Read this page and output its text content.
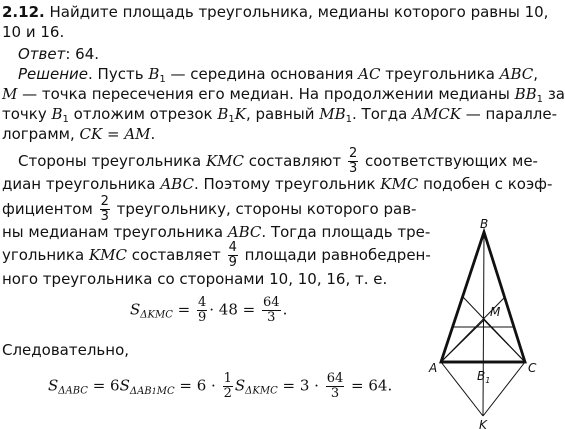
2.12. Найдите площадь треугольника, медианы которого равны 10,
10 и 16.
Ответ: 64.
Решение. Пусть $B_1$ — середина основания AC треугольника ABC,
M — точка пересечения его медиан. На продолжении медианы $BB_1$ за
точку $B_1$ отложим отрезок $B_1K$, равный $MB_1$. Тогда AMCK — паралле-
лограмм, CK = AM.
Стороны треугольника KMC составляют $\frac{2}{3}$ соответствующих ме-
диан треугольника ABC. Поэтому треугольник KMC подобен с коэф-
фициентом $\frac{2}{3}$ треугольнику, стороны которого рав-
ны медианам треугольника ABC. Тогда площадь тре-
угольника KMC составляет $\frac{4}{9}$ площади равнобедрен-
ного треугольника со сторонами 10, 10, 16, т. е.
$S_{\Delta KMC} = \frac{4}{9} \cdot 48 = \frac{64}{3}$ .
Следовательно,
$S_{\Delta ABC} = 6S_{\Delta AB1MC} = 6 \cdot \frac{1}{2} S_{\Delta KMC} = 3 \cdot \frac{64}{3} = 64$.
B
M
A
$B_1$
C
K
